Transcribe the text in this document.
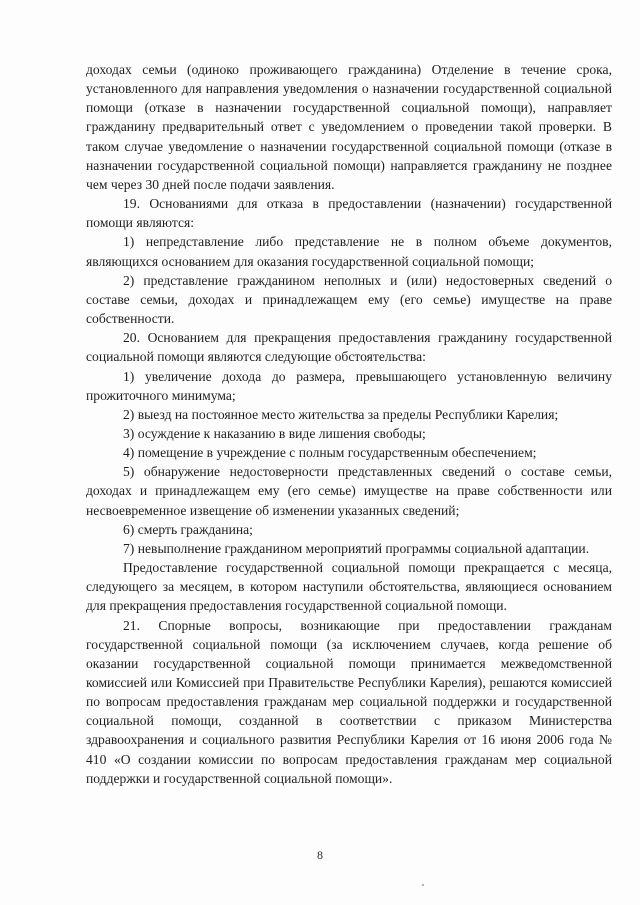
доходах семьи (одиноко проживающего гражданина) Отделение в течение срока, установленного для направления уведомления о назначении государственной социальной помощи (отказе в назначении государственной социальной помощи), направляет гражданину предварительный ответ с уведомлением о проведении такой проверки. В таком случае уведомление о назначении государственной социальной помощи (отказе в назначении государственной социальной помощи) направляется гражданину не позднее чем через 30 дней после подачи заявления.

19. Основаниями для отказа в предоставлении (назначении) государственной помощи являются:

1) непредставление либо представление не в полном объеме документов, являющихся основанием для оказания государственной социальной помощи;

2) представление гражданином неполных и (или) недостоверных сведений о составе семьи, доходах и принадлежащем ему (его семье) имуществе на праве собственности.

20. Основанием для прекращения предоставления гражданину государственной социальной помощи являются следующие обстоятельства:

1) увеличение дохода до размера, превышающего установленную величину прожиточного минимума;

2) выезд на постоянное место жительства за пределы Республики Карелия;

3) осуждение к наказанию в виде лишения свободы;

4) помещение в учреждение с полным государственным обеспечением;

5) обнаружение недостоверности представленных сведений о составе семьи, доходах и принадлежащем ему (его семье) имуществе на праве собственности или несвоевременное извещение об изменении указанных сведений;

6) смерть гражданина;

7) невыполнение гражданином мероприятий программы социальной адаптации.

Предоставление государственной социальной помощи прекращается с месяца, следующего за месяцем, в котором наступили обстоятельства, являющиеся основанием для прекращения предоставления государственной социальной помощи.

21. Спорные вопросы, возникающие при предоставлении гражданам государственной социальной помощи (за исключением случаев, когда решение об оказании государственной социальной помощи принимается межведомственной комиссией или Комиссией при Правительстве Республики Карелия), решаются комиссией по вопросам предоставления гражданам мер социальной поддержки и государственной социальной помощи, созданной в соответствии с приказом Министерства здравоохранения и социального развития Республики Карелия от 16 июня 2006 года № 410 «О создании комиссии по вопросам предоставления гражданам мер социальной поддержки и государственной социальной помощи».

8
